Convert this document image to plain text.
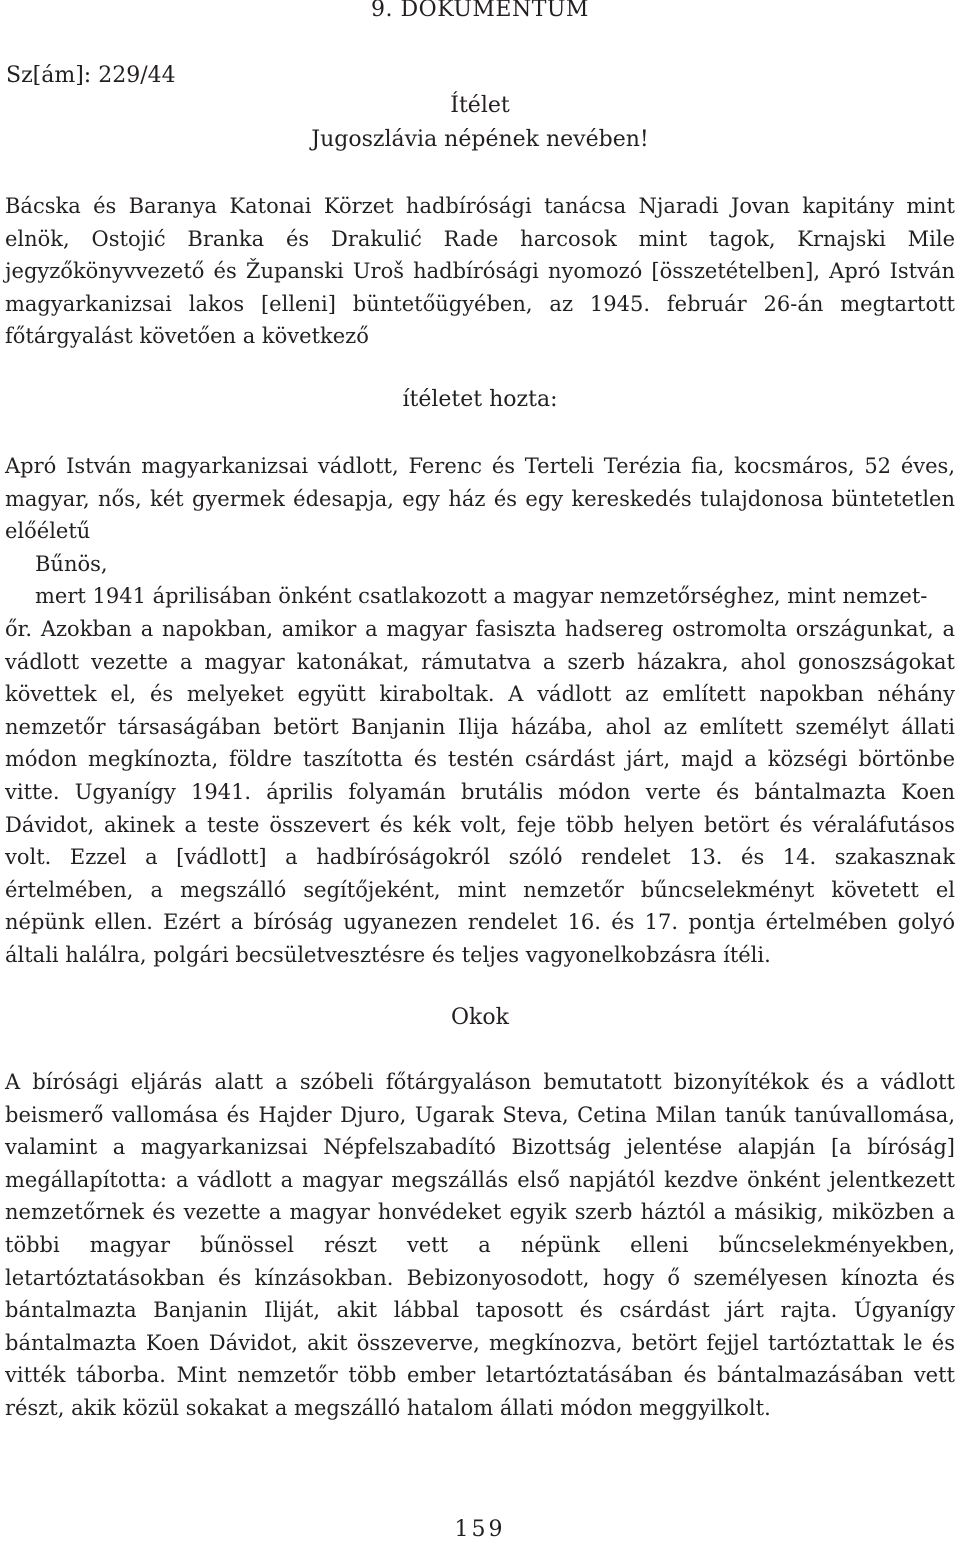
9. DOKUMENTUM
Sz[ám]: 229/44
Ítélet
Jugoszlávia népének nevében!

Bácska és Baranya Katonai Körzet hadbírósági tanácsa Njaradi Jovan kapitány mint elnök, Ostojić Branka és Drakulić Rade harcosok mint tagok, Krnajski Mile jegyzőkönyvvezető és Županski Uroš hadbírósági nyomozó [összetételben], Apró István magyarkanizsai lakos [elleni] büntetőügyében, az 1945. február 26-án megtartott főtárgyalást követően a következő

ítéletet hozta:

Apró István magyarkanizsai vádlott, Ferenc és Terteli Terézia fia, kocsmáros, 52 éves, magyar, nős, két gyermek édesapja, egy ház és egy kereskedés tulajdonosa büntetetlen előéletű

Bűnös,

mert 1941 áprilisában önként csatlakozott a magyar nemzetőrséghez, mint nemzet-

őr. Azokban a napokban, amikor a magyar fasiszta hadsereg ostromolta országunkat, a vádlott vezette a magyar katonákat, rámutatva a szerb házakra, ahol gonoszságokat követtek el, és melyeket együtt kiraboltak. A vádlott az említett napokban néhány nemzetőr társaságában betört Banjanin Ilija házába, ahol az említett személyt állati módon megkínozta, földre taszította és testén csárdást járt, majd a községi börtönbe vitte. Ugyanígy 1941. április folyamán brutális módon verte és bántalmazta Koen Dávidot, akinek a teste összevert és kék volt, feje több helyen betört és véraláfutásos volt. Ezzel a [vádlott] a hadbíróságokról szóló rendelet 13. és 14. szakasznak értelmében, a megszálló segítőjeként, mint nemzetőr bűncselekményt követett el népünk ellen. Ezért a bíróság ugyanezen rendelet 16. és 17. pontja értelmében golyó általi halálra, polgári becsületvesztésre és teljes vagyonelkobzásra ítéli.

Okok

A bírósági eljárás alatt a szóbeli főtárgyaláson bemutatott bizonyítékok és a vádlott beismerő vallomása és Hajder Djuro, Ugarak Steva, Cetina Milan tanúk tanúvallomása, valamint a magyarkanizsai Népfelszabadító Bizottság jelentése alapján [a bíróság] megállapította: a vádlott a magyar megszállás első napjától kezdve önként jelentkezett nemzetőrnek és vezette a magyar honvédeket egyik szerb háztól a másikig, miközben a többi magyar bűnössel részt vett a népünk elleni bűncselekményekben, letartóztatásokban és kínzásokban. Bebizonyosodott, hogy ő személyesen kínozta és bántalmazta Banjanin Iliját, akit lábbal taposott és csárdást járt rajta. Úgyanígy bántalmazta Koen Dávidot, akit összeverve, megkínozva, betört fejjel tartóztattak le és vitték táborba. Mint nemzetőr több ember letartóztatásában és bántalmazásában vett részt, akik közül sokakat a megszálló hatalom állati módon meggyilkolt.

159
